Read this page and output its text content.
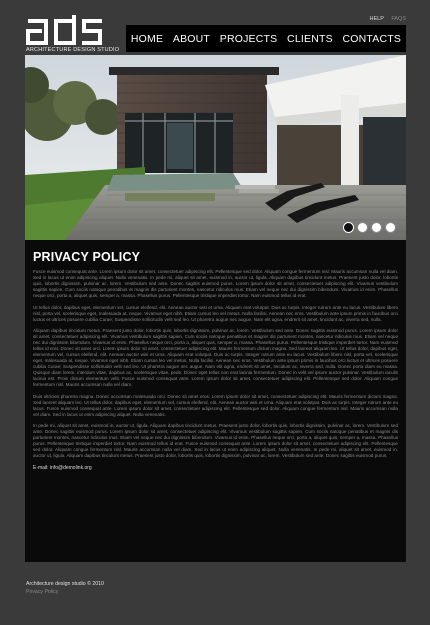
ARCHITECTURE DESIGN STUDIO
HELP FAQS
HOME ABOUT PROJECTS CLIENTS CONTACTS
PRIVACY POLICY

Fusce euismod consequat ante. Lorem ipsum dolor sit amet, consectetuer adipiscing elit. Pellentesque sed dolor. Aliquam congue fermentum nisl. Mauris accumsan nulla vel diam. Sed in lacus ut enim adipiscing aliquet. Nulla venenatis. In pede mi, aliquet sit amet, euismod in, auctor ut, ligula. Aliquam dapibus tincidunt metus. Praesent justo dolor, lobortis quis, lobortis dignissim, pulvinar ac, lorem. Vestibulum sed ante. Donec sagittis euismod purus. Lorem ipsum dolor sit amet, consectetuer adipiscing elit. Vivamus vestibulum sagittis sapien. Cum sociis natoque penatibus et magnis dis parturient montes, nascetur ridiculus mus. Etiam vel neque nec dui dignissim bibendum. Vivamus id enim. Phasellus neque orci, porta a, aliquet quis, semper a, massa. Phasellus purus. Pellentesque tristique imperdiet tortor. Nam euismod tellus id erat.

Ut tellus dolor, dapibus eget, elementum vel, cursus eleifend, elit. Aenean auctor wisi et urna. Aliquam erat volutpat. Duis ac turpis. Integer rutrum ante eu lacus. Vestibulum libero nisl, porta vel, scelerisque eget, malesuada at, neque. Vivamus eget nibh. Etiam cursus leo vel metus. Nulla facilisi. Aenean nec eros. Vestibulum ante ipsum primis in faucibus orci luctus et ultrices posuere cubilia Curae; Suspendisse sollicitudin velit sed leo. Ut pharetra augue nec augue. Nam elit agna, endrerit sit amet, tincidunt ac, viverra sed, nulla.

Aliquam dapibus tincidunt metus. Praesent justo dolor, lobortis quis, lobortis dignissim, pulvinar ac, lorem. Vestibulum sed ante. Donec sagittis euismod purus. Lorem ipsum dolor sit amet, consectetuer adipiscing elit. Vivamus vestibulum sagittis sapien. Cum sociis natoque penatibus et magnis dis parturient montes, nascetur ridiculus mus. Etiam vel neque nec dui dignissim bibendum. Vivamus id enim. Phasellus neque orci, porta a, aliquet quis, semper a, massa. Phasellus purus. Pellentesque tristique imperdiet tortor. Nam euismod tellus id erat. Donec sit amet orci. Lorem ipsum dolor sit amet, consectetuer adipiscing elit. Mauris fermentum dictum magna. Sed laoreet aliquam leo. Ut tellus dolor, dapibus eget, elementum vel, cursus eleifend, elit. Aenean auctor wisi et urna. Aliquam erat volutpat. Duis ac turpis. Integer rutrum ante eu lacus. Vestibulum libero nisl, porta vel, scelerisque eget, malesuada at, neque. Vivamus eget nibh. Etiam cursus leo vel metus. Nulla facilisi. Aenean nec eros. Vestibulum ante ipsum primis in faucibus orci luctus et ultrices posuere cubilia Curae; Suspendisse sollicitudin velit sed leo. Ut pharetra augue nec augue. Nam elit agna, endrerit sit amet, tincidunt ac, viverra sed, nulla. Donec porta diam eu massa. Quisque diam lorem, interdum vitae, dapibus ac, scelerisque vitae, pede. Donec eget tellus non erat lacinia fermentum. Donec in velit vel ipsum auctor pulvinar. Vestibulum iaculis lacinia est. Proin dictum elementum velit. Fusce euismod consequat ante. Lorem ipsum dolor sit amet, consectetuer adipiscing elit. Pellentesque sed dolor. Aliquam congue fermentum nisl. Mauris accumsan nulla vel diam.

Duis ultricies pharetra magna. Donec accumsan malesuada orci. Donec sit amet eros. Lorem ipsum dolor sit amet, consectetuer adipiscing elit. Mauris fermentum dictum magna. Sed laoreet aliquam leo. Ut tellus dolor, dapibus eget, elementum vel, cursus eleifend, elit. Aenean auctor wisi et urna. Aliquam erat volutpat. Duis ac turpis. Integer rutrum ante eu lacus. Fusce euismod consequat ante. Lorem ipsum dolor sit amet, consectetuer adipiscing elit. Pellentesque sed dolor. Aliquam congue fermentum nisl. Mauris accumsan nulla vel diam. Sed in lacus ut enim adipiscing aliquet. Nulla venenatis.

In pede mi, aliquet sit amet, euismod in, auctor ut, ligula. Aliquam dapibus tincidunt metus. Praesent justo dolor, lobortis quis, lobortis dignissim, pulvinar ac, lorem. Vestibulum sed ante. Donec sagittis euismod purus. Lorem ipsum dolor sit amet, consectetuer adipiscing elit. Vivamus vestibulum sagittis sapien. Cum sociis natoque penatibus et magnis dis parturient montes, nascetur ridiculus mus. Etiam vel neque nec dui dignissim bibendum. Vivamus id enim. Phasellus neque orci, porta a, aliquet quis, semper a, massa. Phasellus purus. Pellentesque tristique imperdiet tortor. Nam euismod tellus id erat. Fusce euismod consequat ante. Lorem ipsum dolor sit amet, consectetuer adipiscing elit. Pellentesque sed dolor. Aliquam congue fermentum nisl. Mauris accumsan nulla vel diam. Sed in lacus ut enim adipiscing aliquet. Nulla venenatis. In pede mi, aliquet sit amet, euismod in, auctor ut, ligula. Aliquam dapibus tincidunt metus. Praesent justo dolor, lobortis quis, lobortis dignissim, pulvinar ac, lorem. Vestibulum sed ante. Donec sagittis euismod purus.

E-mail: info@demolink.org
Architecture design studio © 2010
Privacy Policy
